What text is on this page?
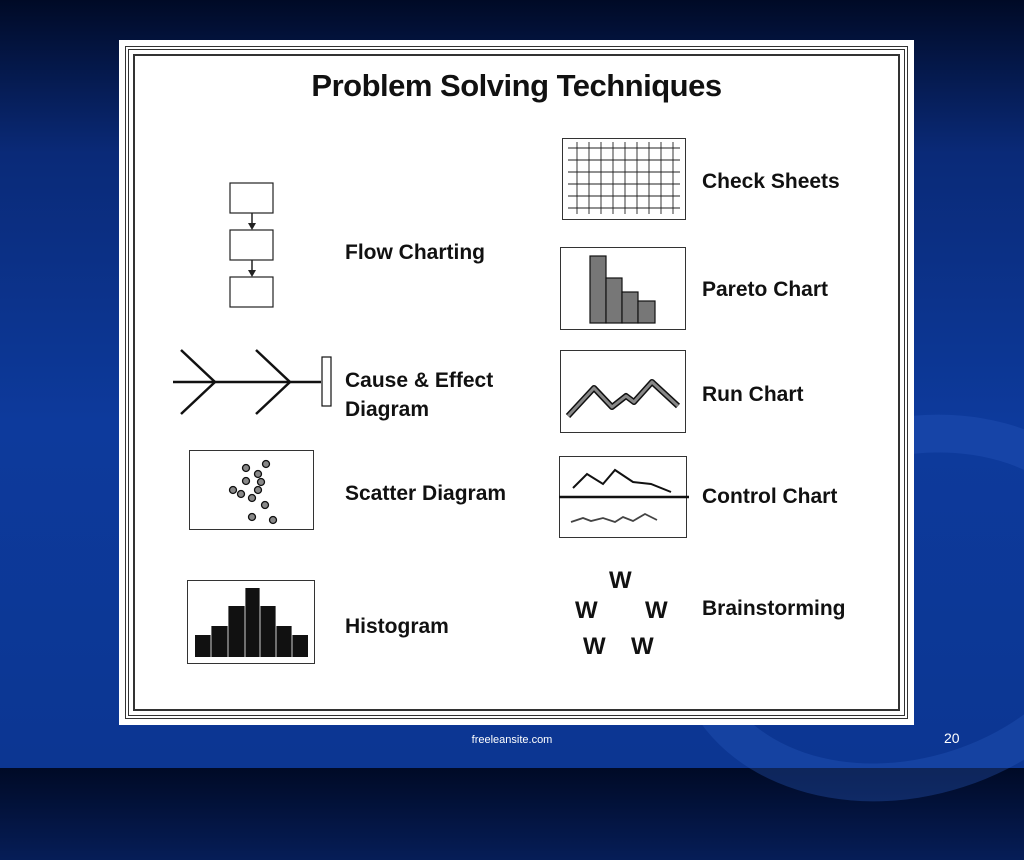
Problem Solving Techniques
Flow Charting
Cause & Effect
Diagram
Scatter Diagram
Histogram
Check Sheets
Pareto Chart
Run Chart
Control Chart
W
W W
W W
Brainstorming
freeleansite.com	20
